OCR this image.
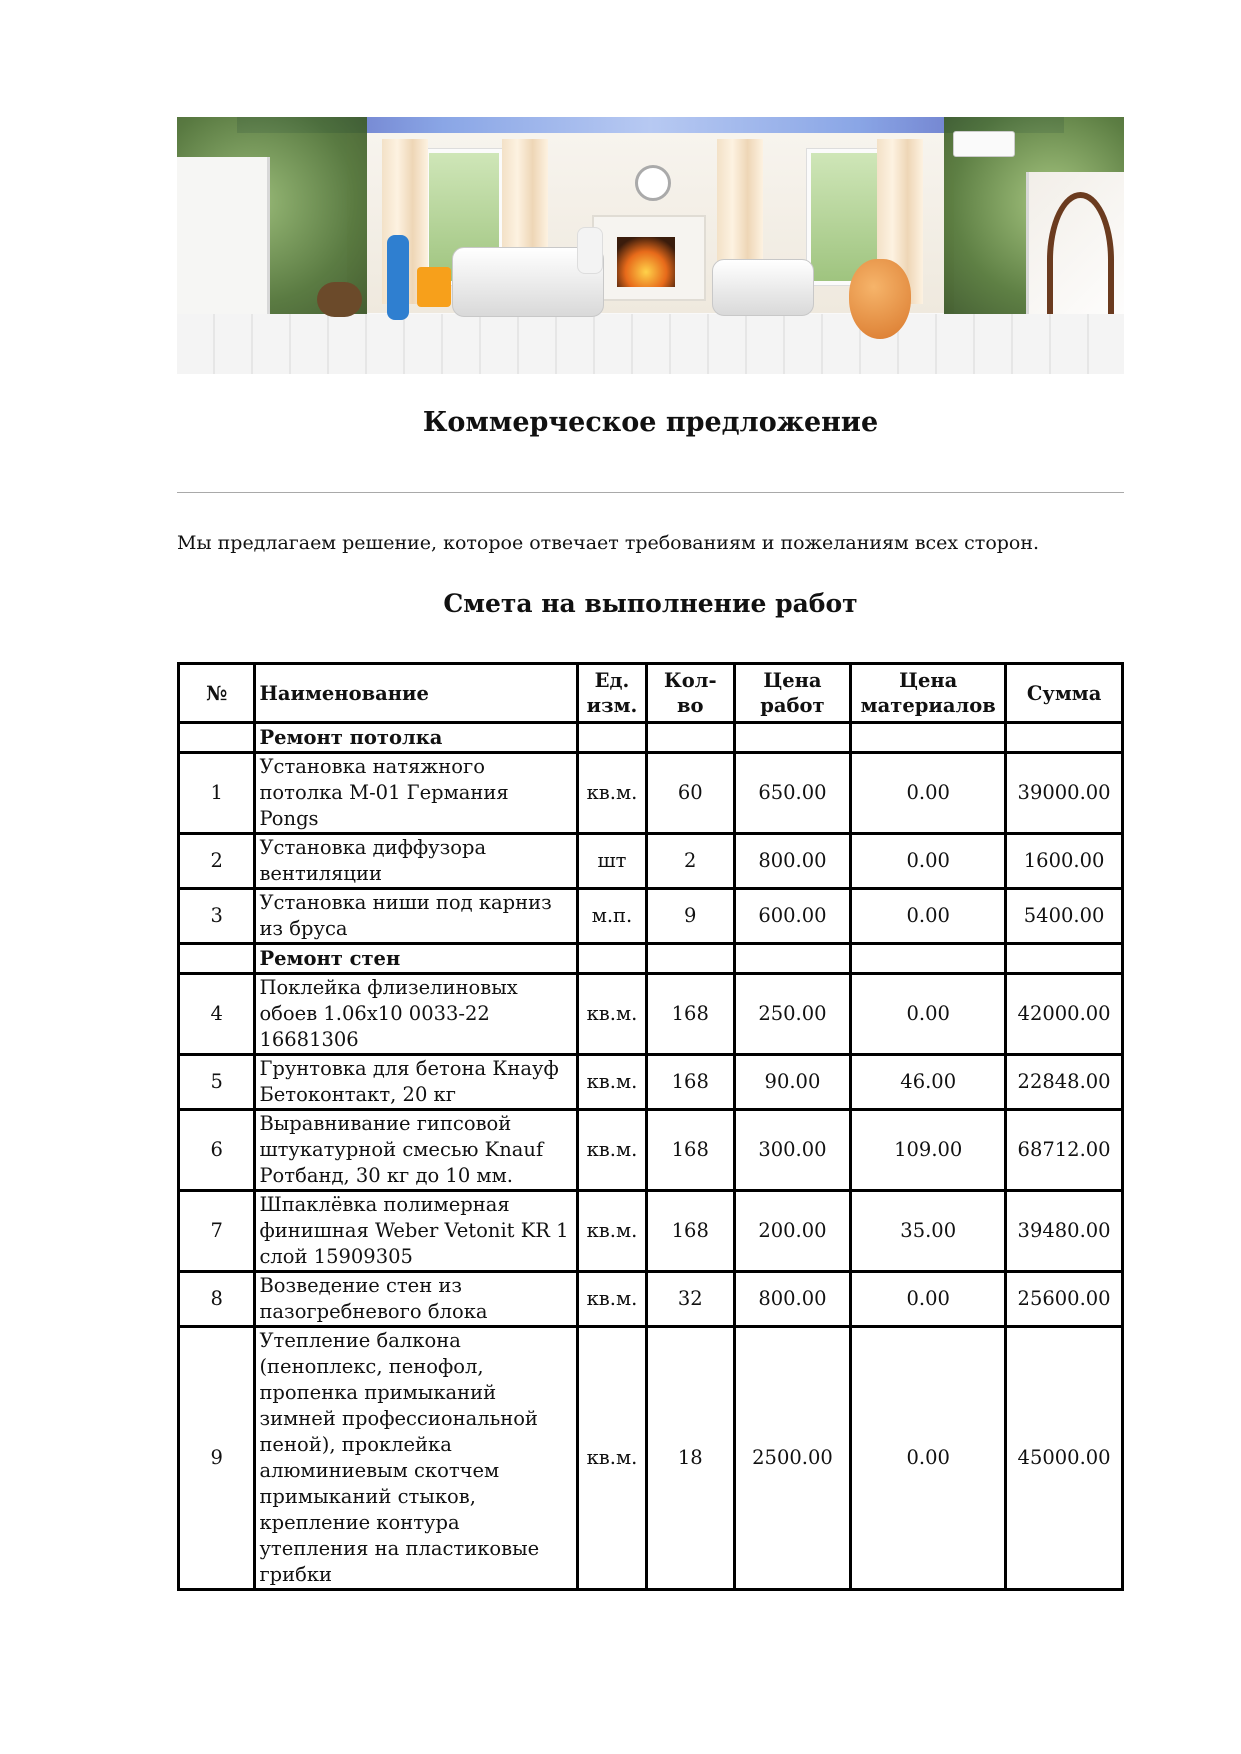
Коммерческое предложение

Мы предлагаем решение, которое отвечает требованиям и пожеланиям всех сторон.

Смета на выполнение работ
№	Наименование	Ед. изм.	Кол-во	Цена работ	Цена материалов	Сумма
	Ремонт потолка					
1	Установка натяжного потолка М-01 Германия Pongs	кв.м.	60	650.00	0.00	39000.00
2	Установка диффузора вентиляции	шт	2	800.00	0.00	1600.00
3	Установка ниши под карниз из бруса	м.п.	9	600.00	0.00	5400.00
	Ремонт стен					
4	Поклейка флизелиновых обоев 1.06x10 0033-22 16681306	кв.м.	168	250.00	0.00	42000.00
5	Грунтовка для бетона Кнауф Бетоконтакт, 20 кг	кв.м.	168	90.00	46.00	22848.00
6	Выравнивание гипсовой штукатурной смесью Knauf Ротбанд, 30 кг до 10 мм.	кв.м.	168	300.00	109.00	68712.00
7	Шпаклёвка полимерная финишная Weber Vetonit KR 1 слой 15909305	кв.м.	168	200.00	35.00	39480.00
8	Возведение стен из пазогребневого блока	кв.м.	32	800.00	0.00	25600.00
9	Утепление балкона (пеноплекс, пенофол, пропенка примыканий зимней профессиональной пеной), проклейка алюминиевым скотчем примыканий стыков, крепление контура утепления на пластиковые грибки	кв.м.	18	2500.00	0.00	45000.00
